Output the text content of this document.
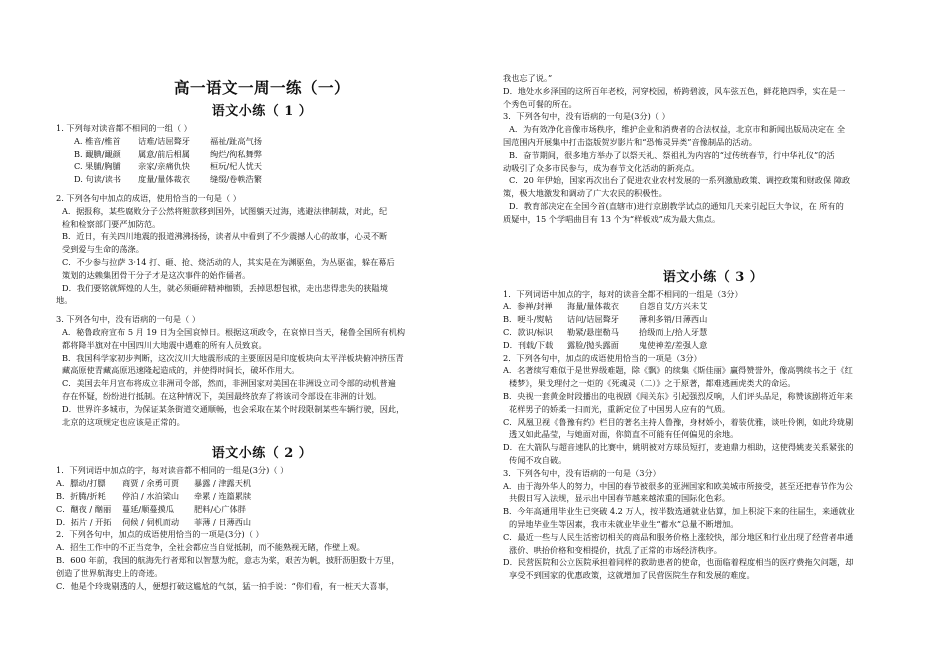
高一语文一周一练（一）
语文小练（ 1 ）
1. 下列每对读音都不相同的一组（ ）
A. 椎音/椎首	诘难/诘屈聱牙	福祉/趾高气扬
B. 靦腆/靦颜	属意/前后相属	绚烂/徇私舞弊
C. 果脯/胸脯	亲家/亲痛仇快	桓玩/杞人忧天
D. 句读/读书	度量/量体裁衣	缝缀/卷帙浩繁
2. 下列各句中加点的成语，使用恰当的一句是（ ）
A．据报称，某些腐败分子公然将赃款移到国外，试图躺天过海，逃避法律制裁，对此，纪
检和检察部门要严加防范。
B．近日，有关四川地震的报道沸沸扬扬，读者从中看到了不少震撼人心的故事，心灵不断
受到爱与生命的荡涤。
C．不少参与拉萨 3·14 打、砸、抢、烧活动的人，其实是在为渊驱鱼，为丛驱雀，躲在幕后
策划的达赖集团骨干分子才是这次事件的始作俑者。
D．我们要铭就辉煌的人生，就必须砸碎精神枷锁，丢掉思想包袱，走出悲得悲失的狭隘境
地。
3. 下列各句中，没有语病的一句是（ ）
A．秘鲁政府宣布 5 月 19 日为全国哀悼日。根据这项政令，在哀悼日当天，秘鲁全国所有机构
都将降半旗对在中国四川大地震中遇难的所有人员致哀。
B．我国科学家初步判断，这次汶川大地震形成的主要原因是印度板块向太平洋板块俯冲挤压青
藏高原使青藏高原迅速隆起造成的，并使得时间长，破坏作用大。
C．美国去年月宣布将成立非洲司令部，然而，非洲国家对美国在非洲设立司令部的动机普遍
存在怀疑，纷纷进行抵制。在这种情况下，美国最终放弃了将该司令部设在非洲的计划。
D．世界许多城市，为保证某条街道交通顺畅，也会采取在某个时段限制某些车辆行驶，因此，
北京的这项规定也应该是正常的。
语文小练（ 2 ）
1．下列词语中加点的字，每对读音都不相同的一组是(3分)（ ）
A．膘动/打膘	商贾 / 余勇可贾	暴露 / 津露天机
B．折腾/折耗	停泊 / 水泊梁山	牵累 / 连篇累牍
C．酗夜 / 酗丽	蔓延/顺蔓摸瓜	肥料/心广体胖
D．拓片 / 开拓	伺候 / 伺机而动	菲薄 / 日薄西山
2．下列各句中，加点的成语使用恰当的一项是(3分)（ ）
A．招生工作中的不正当竞争，全社会都应当自觉抵制，而不能熟视无睹，作壁上观。
B．600 年前，我国的航海先行者郑和以智慧为舵，意志为桨，艰苦为帆，披肝沥胆数十万里，
创造了世界航海史上的奇迹。
C．他是个玲珑剔透的人，便想打破这尴尬的气氛，猛一拍手说：“你们看，有一桩天大喜事，
我也忘了说。”
D．地处水乡泽国的这所百年老校，河穿校园，桥跨碧波，风车弦五色，鲜花艳四季，实在是一
个秀色可餐的所在。
3．下列各句中，没有语病的一句是(3分)（ ）
A．为有效净化音像市场秩序，维护企业和消费者的合法权益，北京市和新闻出版局决定在 全
国范围内开展集中打击盗版贺岁影片和“恐怖灵异类”音像制品的活动。
B．奋节期间，很多地方举办了以祭天礼、祭祖礼为内容的“过传统春节，行中华礼仪”的活
动吸引了众多市民参与，成为春节文化活动的新亮点。
C．20 年伊始，国家再次出台了促进农业农村发展的一系列激励政策、调控政策和财政保 障政
策，极大地激发和调动了广大农民的积极性。
D．教育部决定在全国今首(直辖市)进行京剧教学试点的通知几天来引起巨大争议，在 所有的
质疑中，15 个学唱曲目有 13 个为“样板戏”成为最大焦点。
语文小练（ 3 ）
1．下列词语中加点的字，每对的读音全都不相同的一组是（3分）
A．参禅/封禅	海量/量体裁衣	自怨自艾/方兴未艾
B．哽斗/熨帖	诘问/诘屈聱牙	薄利多销/日薄西山
C．款识/标识	勒紧/悬崖勒马	拾级而上/拾人牙慧
D．刊载/下载	露脸/抛头露面	鬼使神差/差强人意
2．下列各句中，加点的成语使用恰当的一项是（3分）
A．名著续写难似于是世界级难题，除《飘》的续集《斯佳丽》赢得赞誉外，像高鹗续书之于《红
楼梦》，果戈理付之一炬的《死魂灵（二）》之于原著，都难逃画虎类犬的命运。
B．央视一套黄金时段播出的电视剧《闯关东》引起强烈反响，人们评头品足，称赞该剧将近年来
花样男子的娇柔一扫而光，重新定位了中国男人应有的气质。
C．风凰卫视《鲁豫有约》栏目的著名主持人鲁豫，身材娇小，着装优雅，谈吐伶俐，如此玲珑剔
透又如此晶莹，与她面对面，你简直不可能有任何偏见的余地。
D．在大箭队与超音速队的比赛中，姚明被对方球员短打，麦迪鼎力相助，这使得姚麦关系紧张的
传闻不攻自破。
3．下列各句中，没有语病的一句是（3分）
A．由于海外华人的努力，中国的春节被很多的亚洲国家和欧美城市所接受，甚至还把春节作为公
共假日写入法规，显示出中国春节越来越浓重的国际化色彩。
B．今年高通用毕业生已突破 4.2 万人，按半数选通就业估算，加上积淀下来的往届生，来通就业
的异地毕业生等因素，我市未就业毕业生“蓄水”总量不断增加。
C．最近一些与人民生活密切相关的商品和服务价格上涨较快，部分地区和行业出现了经营者串通
涨价、哄抬价格和变相提价，扰乱了正常的市场经济秩序。
D．民营医院和公立医院承担着同样的救助患者的使命，也面临着程度相当的医疗费拖欠问题，却
享受不到国家的优惠政策，这就增加了民营医院生存和发展的难度。
